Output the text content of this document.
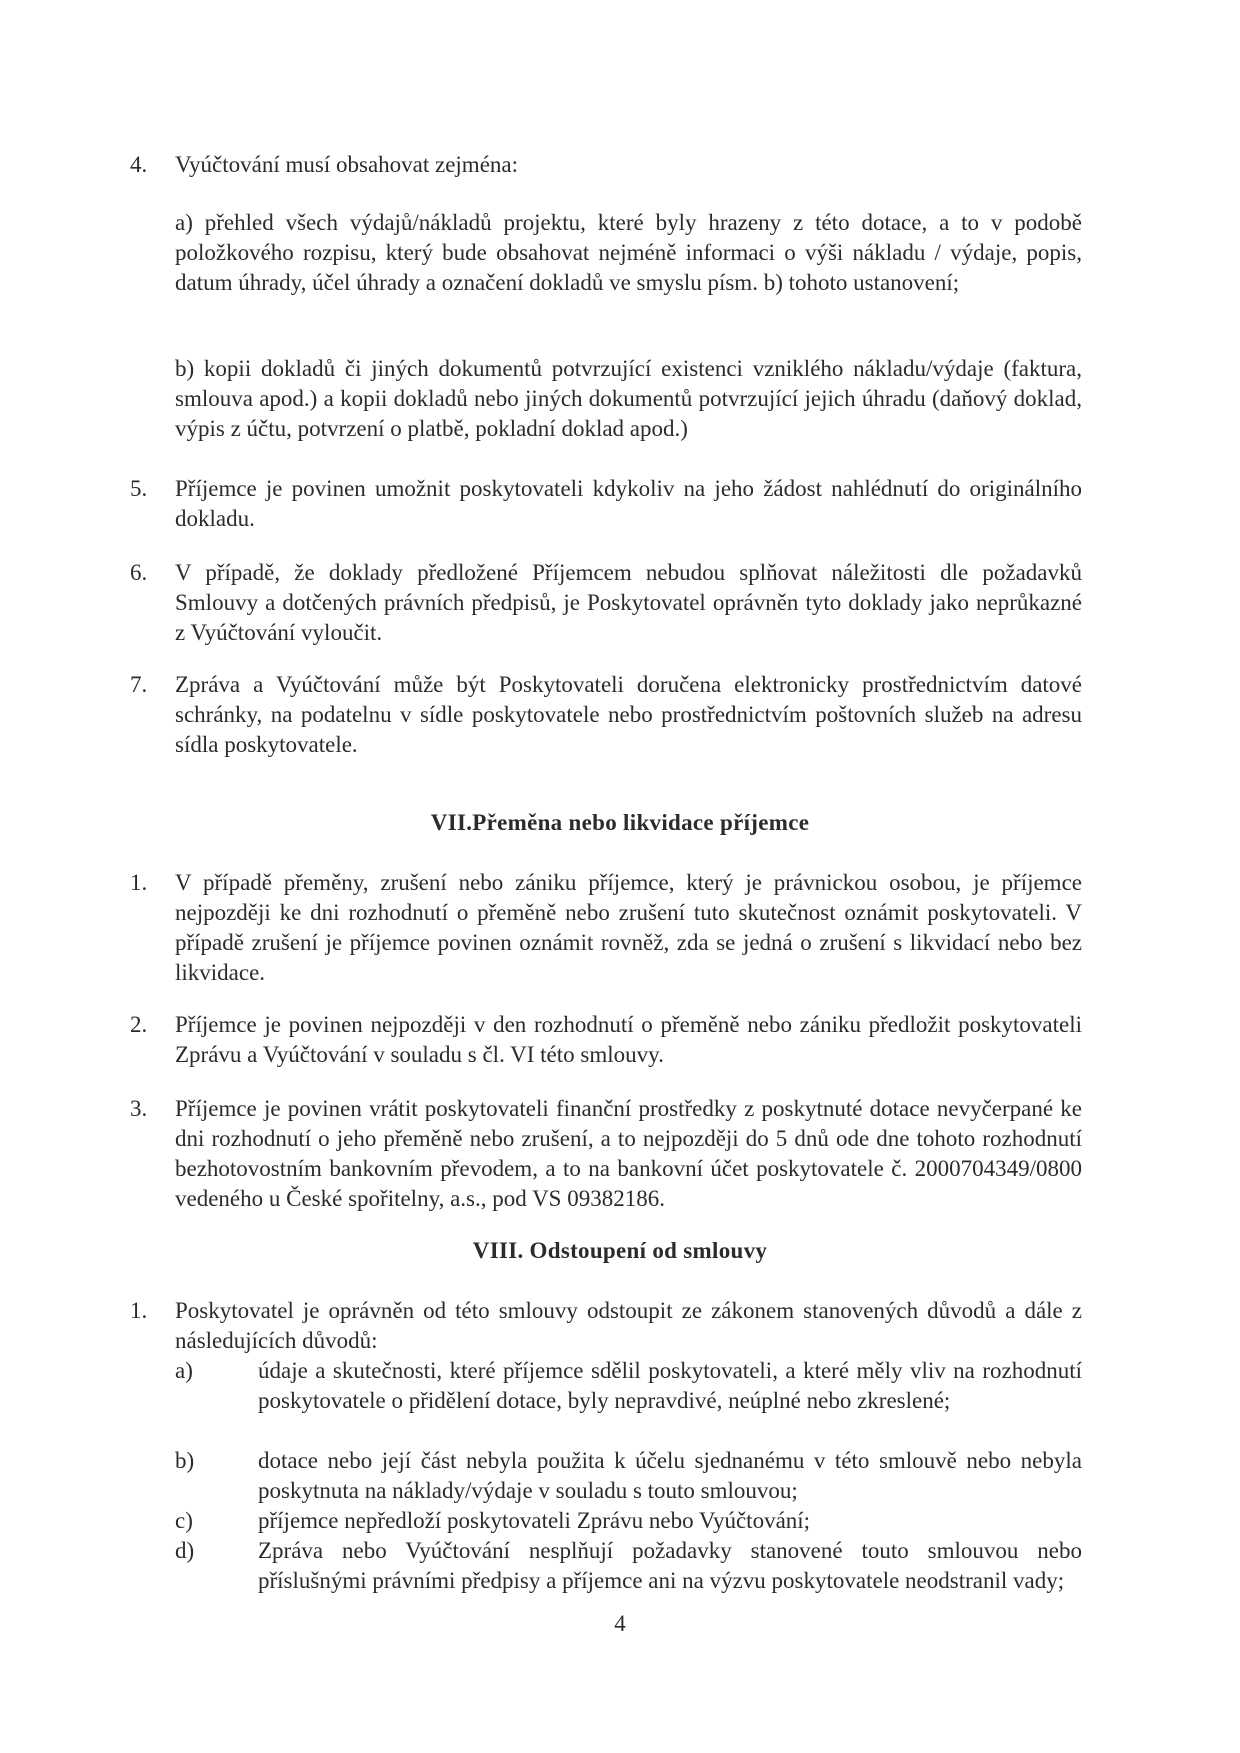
4. Vyúčtování musí obsahovat zejména:
a) přehled všech výdajů/nákladů projektu, které byly hrazeny z této dotace, a to v podobě položkového rozpisu, který bude obsahovat nejméně informaci o výši nákladu / výdaje, popis, datum úhrady, účel úhrady a označení dokladů ve smyslu písm. b) tohoto ustanovení;
b) kopii dokladů či jiných dokumentů potvrzující existenci vzniklého nákladu/výdaje (faktura, smlouva apod.) a kopii dokladů nebo jiných dokumentů potvrzující jejich úhradu (daňový doklad, výpis z účtu, potvrzení o platbě, pokladní doklad apod.)
5. Příjemce je povinen umožnit poskytovateli kdykoliv na jeho žádost nahlédnutí do originálního dokladu.
6. V případě, že doklady předložené Příjemcem nebudou splňovat náležitosti dle požadavků Smlouvy a dotčených právních předpisů, je Poskytovatel oprávněn tyto doklady jako neprůkazné z Vyúčtování vyloučit.
7. Zpráva a Vyúčtování může být Poskytovateli doručena elektronicky prostřednictvím datové schránky, na podatelnu v sídle poskytovatele nebo prostřednictvím poštovních služeb na adresu sídla poskytovatele.
VII.Přeměna nebo likvidace příjemce
1. V případě přeměny, zrušení nebo zániku příjemce, který je právnickou osobou, je příjemce nejpozději ke dni rozhodnutí o přeměně nebo zrušení tuto skutečnost oznámit poskytovateli. V případě zrušení je příjemce povinen oznámit rovněž, zda se jedná o zrušení s likvidací nebo bez likvidace.
2. Příjemce je povinen nejpozději v den rozhodnutí o přeměně nebo zániku předložit poskytovateli Zprávu a Vyúčtování v souladu s čl. VI této smlouvy.
3. Příjemce je povinen vrátit poskytovateli finanční prostředky z poskytnuté dotace nevyčerpané ke dni rozhodnutí o jeho přeměně nebo zrušení, a to nejpozději do 5 dnů ode dne tohoto rozhodnutí bezhotovostním bankovním převodem, a to na bankovní účet poskytovatele č. 2000704349/0800 vedeného u České spořitelny, a.s., pod VS 09382186.
VIII. Odstoupení od smlouvy
1. Poskytovatel je oprávněn od této smlouvy odstoupit ze zákonem stanovených důvodů a dále z následujících důvodů:
a)	údaje a skutečnosti, které příjemce sdělil poskytovateli, a které měly vliv na rozhodnutí poskytovatele o přidělení dotace, byly nepravdivé, neúplné nebo zkreslené;
b)	dotace nebo její část nebyla použita k účelu sjednanému v této smlouvě nebo nebyla poskytnuta na náklady/výdaje v souladu s touto smlouvou;
c)	příjemce nepředloží poskytovateli Zprávu nebo Vyúčtování;
d)	Zpráva nebo Vyúčtování nesplňují požadavky stanovené touto smlouvou nebo příslušnými právními předpisy a příjemce ani na výzvu poskytovatele neodstranil vady;
4
